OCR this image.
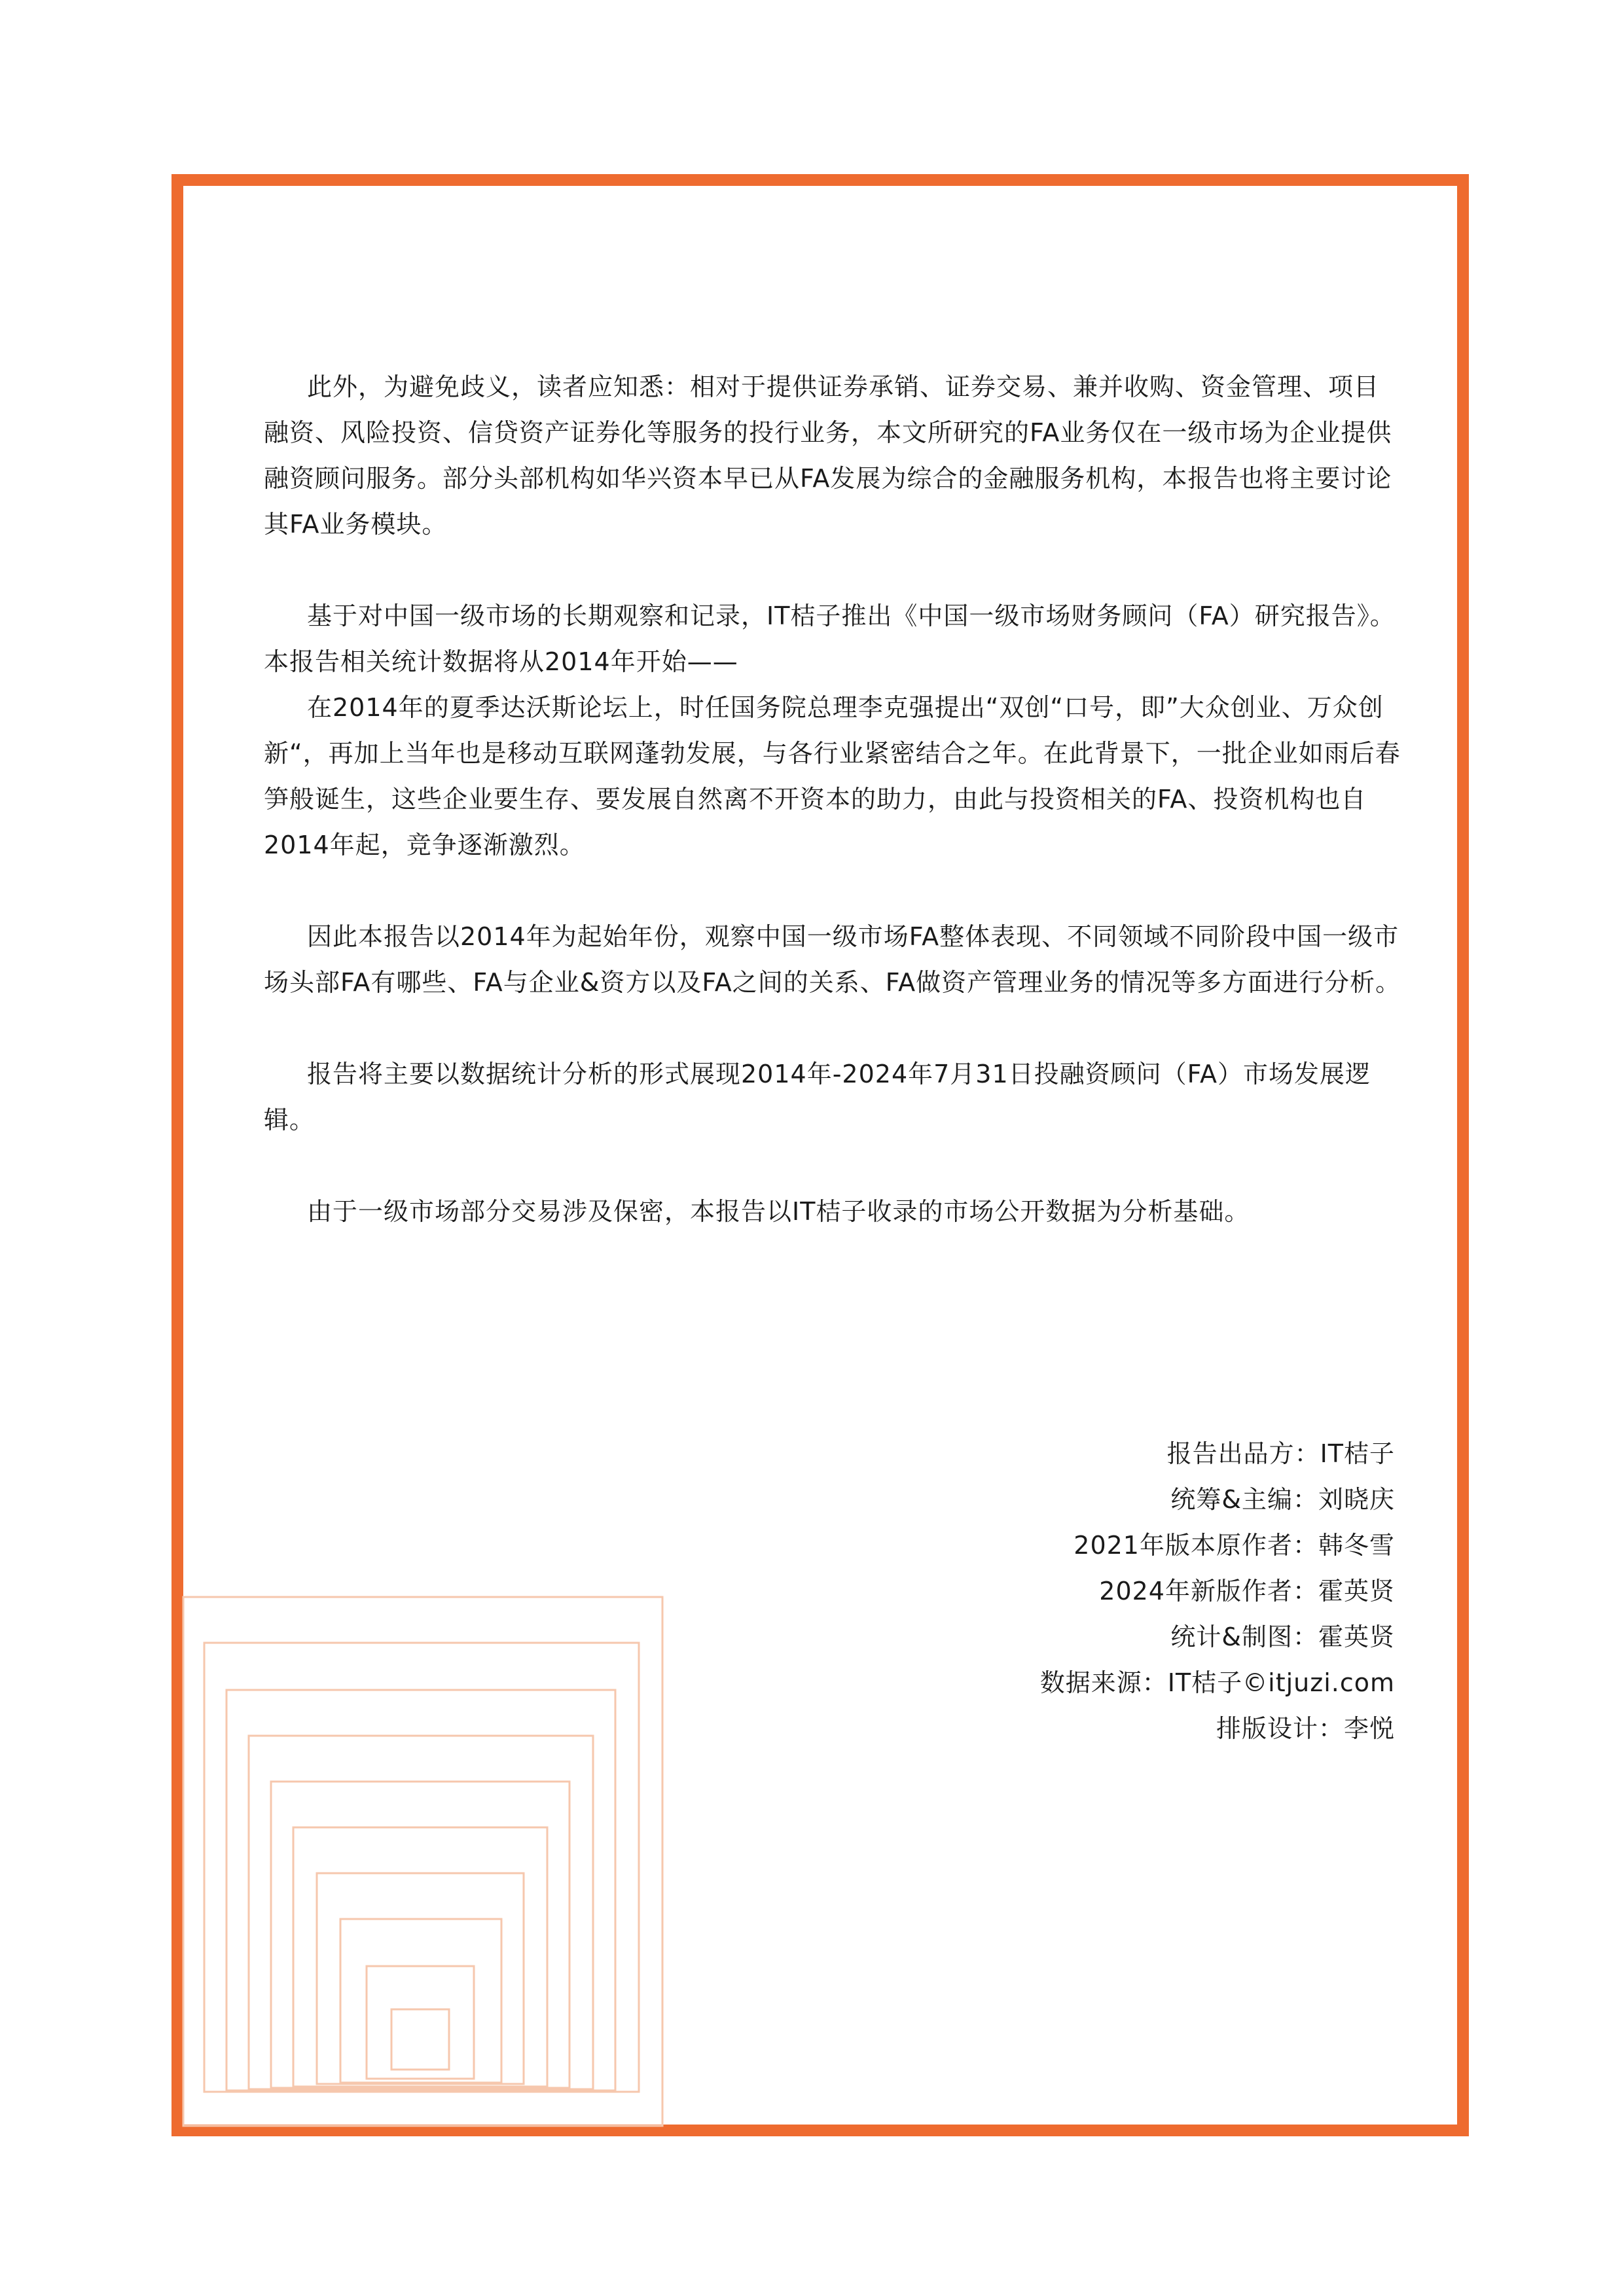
此外，为避免歧义，读者应知悉：相对于提供证券承销、证券交易、兼并收购、资金管理、项目融资、风险投资、信贷资产证券化等服务的投行业务，本文所研究的FA业务仅在一级市场为企业提供融资顾问服务。部分头部机构如华兴资本早已从FA发展为综合的金融服务机构，本报告也将主要讨论其FA业务模块。

基于对中国一级市场的长期观察和记录，IT桔子推出《中国一级市场财务顾问（FA）研究报告》。本报告相关统计数据将从2014年开始——

在2014年的夏季达沃斯论坛上，时任国务院总理李克强提出“双创“口号，即”大众创业、万众创新“，再加上当年也是移动互联网蓬勃发展，与各行业紧密结合之年。在此背景下，一批企业如雨后春笋般诞生，这些企业要生存、要发展自然离不开资本的助力，由此与投资相关的FA、投资机构也自2014年起，竞争逐渐激烈。

因此本报告以2014年为起始年份，观察中国一级市场FA整体表现、不同领域不同阶段中国一级市场头部FA有哪些、FA与企业&资方以及FA之间的关系、FA做资产管理业务的情况等多方面进行分析。

报告将主要以数据统计分析的形式展现2014年-2024年7月31日投融资顾问（FA）市场发展逻辑。

由于一级市场部分交易涉及保密，本报告以IT桔子收录的市场公开数据为分析基础。

报告出品方：IT桔子
统筹&主编：刘晓庆
2021年版本原作者：韩冬雪
2024年新版作者：霍英贤
统计&制图：霍英贤
数据来源：IT桔子©itjuzi.com
排版设计：李悦
